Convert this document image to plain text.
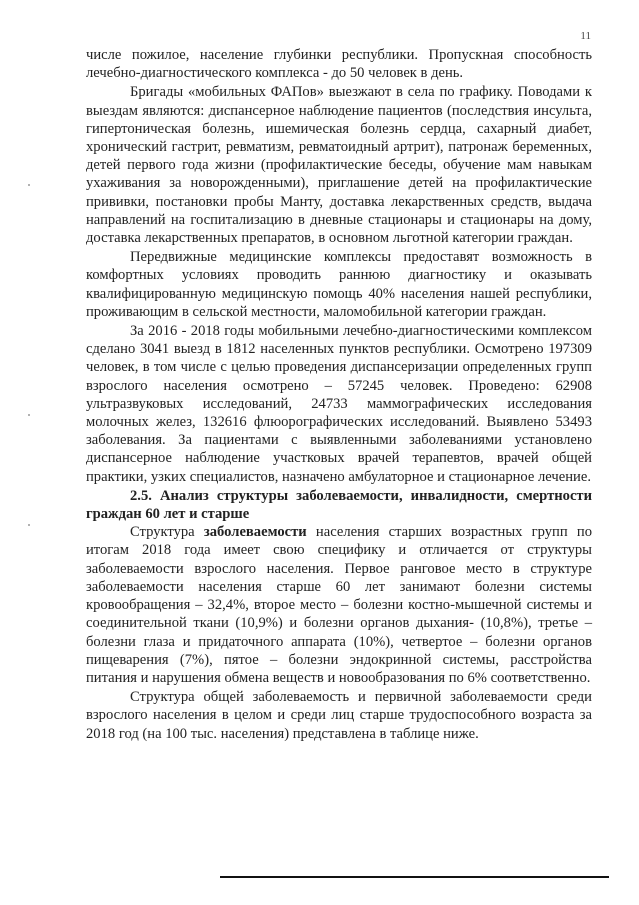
11

числе пожилое, население глубинки республики. Пропускная способность лечебно-диагностического комплекса - до 50 человек в день.

Бригады «мобильных ФАПов» выезжают в села по графику. Поводами к выездам являются: диспансерное наблюдение пациентов (последствия инсульта, гипертоническая болезнь, ишемическая болезнь сердца, сахарный диабет, хронический гастрит, ревматизм, ревматоидный артрит), патронаж беременных, детей первого года жизни (профилактические беседы, обучение мам навыкам ухаживания за новорожденными), приглашение детей на профилактические прививки, постановки пробы Манту, доставка лекарственных средств, выдача направлений на госпитализацию в дневные стационары и стационары на дому, доставка лекарственных препаратов, в основном льготной категории граждан.

Передвижные медицинские комплексы предоставят возможность в комфортных условиях проводить раннюю диагностику и оказывать квалифицированную медицинскую помощь 40% населения нашей республики, проживающим в сельской местности, маломобильной категории граждан.

За 2016 - 2018 годы мобильными лечебно-диагностическими комплексом сделано 3041 выезд в 1812 населенных пунктов республики. Осмотрено 197309 человек, в том числе с целью проведения диспансеризации определенных групп взрослого населения осмотрено – 57245 человек. Проведено: 62908 ультразвуковых исследований, 24733 маммографических исследования молочных желез, 132616 флюорографических исследований. Выявлено 53493 заболевания. За пациентами с выявленными заболеваниями установлено диспансерное наблюдение участковых врачей терапевтов, врачей общей практики, узких специалистов, назначено амбулаторное и стационарное лечение.

2.5. Анализ структуры заболеваемости, инвалидности, смертности граждан 60 лет и старше

Структура заболеваемости населения старших возрастных групп по итогам 2018 года имеет свою специфику и отличается от структуры заболеваемости взрослого населения. Первое ранговое место в структуре заболеваемости населения старше 60 лет занимают болезни системы кровообращения – 32,4%, второе место – болезни костно-мышечной системы и соединительной ткани (10,9%) и болезни органов дыхания- (10,8%), третье – болезни глаза и придаточного аппарата (10%), четвертое – болезни органов пищеварения (7%), пятое – болезни эндокринной системы, расстройства питания и нарушения обмена веществ и новообразования по 6% соответственно.

Структура общей заболеваемость и первичной заболеваемости среди взрослого населения в целом и среди лиц старше трудоспособного возраста за 2018 год (на 100 тыс. населения) представлена в таблице ниже.
